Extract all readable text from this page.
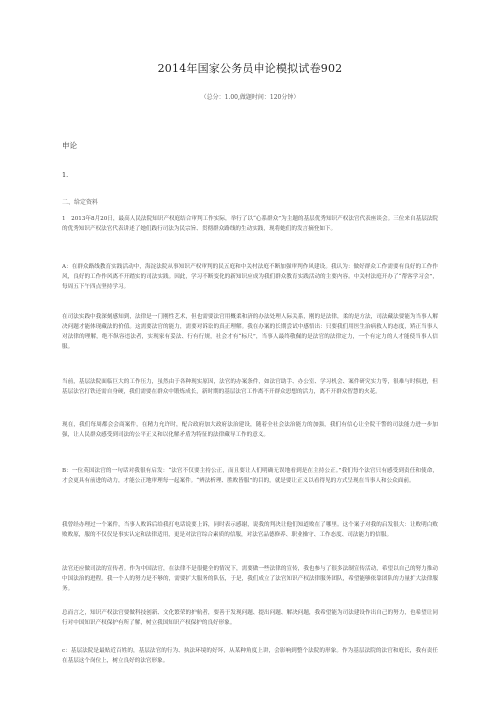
2014年国家公务员申论模拟试卷902
（总分：1.00,做题时间：120分钟）
申论
1.
二、给定资料
1　2013年8月20日，最高人民法院知识产权庭结合审判工作实际，举行了以“心系群众”为主题的基层优秀知识产权法官代表座谈会。三位来自基层法院的优秀知识产权法官代表讲述了她们践行司法为民宗旨、贯彻群众路线的生动实践，现将她们的发言摘登如下。
A：在群众路线教育实践活动中，海淀法院从事知识产权审判的民五庭和中关村法庭不断加强审判作风建设。我认为：做好群众工作需要有良好的工作作风，良好的工作作风离不开踏实的司法实践。因此，学习不断变化的新知识应成为我们群众教育实践活动的主要内容。中关村法庭开办了“帮客学习会”，每周五下午四点坚持学习。
在司法实践中我深刻感知到，法律是一门刚性艺术，但也需要法官用概柔和济的办法处理人际关系，刚的是法律，柔的是方法，司法藏法要能为当事人解决问题才能体现藏法的价值。这需要法官的能力，需要对诉讼的真正理解。我在办案的长期尝试中感悟出：只要我们用医生治病救人的态度，矫正当事人对法律的理解，绝不纵容违法者，实现家有妥法、行有行规，社会才有“标尺”，当事人最终敬佩的是法官的法律定力，一个有定力的人才能使当事人信服。
当前，基层法院面临巨大的工作压力，虽然由于各种现实原因，法官的办案条件，如法官助手、办公室、学习机会、案件研究实力等，很难与时俱进，但基层法官打铁还需自身硬，我们需要在群众中锻炼成长，新时期的基层法官工作离不开群众思想的活力，离不开群众智慧的火花。
现在，我们每周都会会商案件，在精力允许时，配合政府加大政府法治建设，随着全社会法治能力的加强，我们有信心让全院干警的司法能力进一步加强，让人民群众感受到司法的公平正义和以化解矛盾为特征的法律藏导工作的意义。
B：一位英国法官的一句话对我很有启发：“法官不仅要主持公正，而且要让人们明确无误地看到是在主持公正。”我们每个法官只有感受到责任和使命，才会更具有前进的动力，才能公正地审理每一起案件。“辨法析理、胜败皆服”的目的，就是要让正义以看得见的方式呈现在当事人和公众面前。
我曾经办理过一个案件，当事人败诉后给我打电话说要上诉，同时表示感谢，说我的判决让他们知道败在了哪里。这个案子对我的启发很大：让败明白败败败原，服的不仅仅是事实认定和法律适用，更是对法官综合素质的信服，对法官品德修养、职业操守、工作态度、司法能力的信服。
法官还应做司法的宣传者。作为中国法官，在法律不是很健全的情况下，需要做一些法律的宣传，我也参与了很多法制宣传活动，希望以自己的努力推动中国法治的进程。我一个人的努力是不够的，需要扩大服务的队伍，于是，我们成立了法官知识产权法律服务团队，希望能够依靠团队的力量扩大法律服务。
总而言之，知识产权法官要做科技创新、文化繁荣的护航者，要善于发现问题、提出问题、解决问题，我希望能为司法建设作出自己的努力，也希望让同行对中国知识产权保护有所了解，树立我国知识产权保护的良好形象。
c：基层法院是最贴近百姓的，基层法官的行为、执法环境的好坏，从某种角度上讲，会影响到整个法院的形象。作为基层法院的法官和庭长，我有责任在基层这个岗位上，树立良好的法官形象。
